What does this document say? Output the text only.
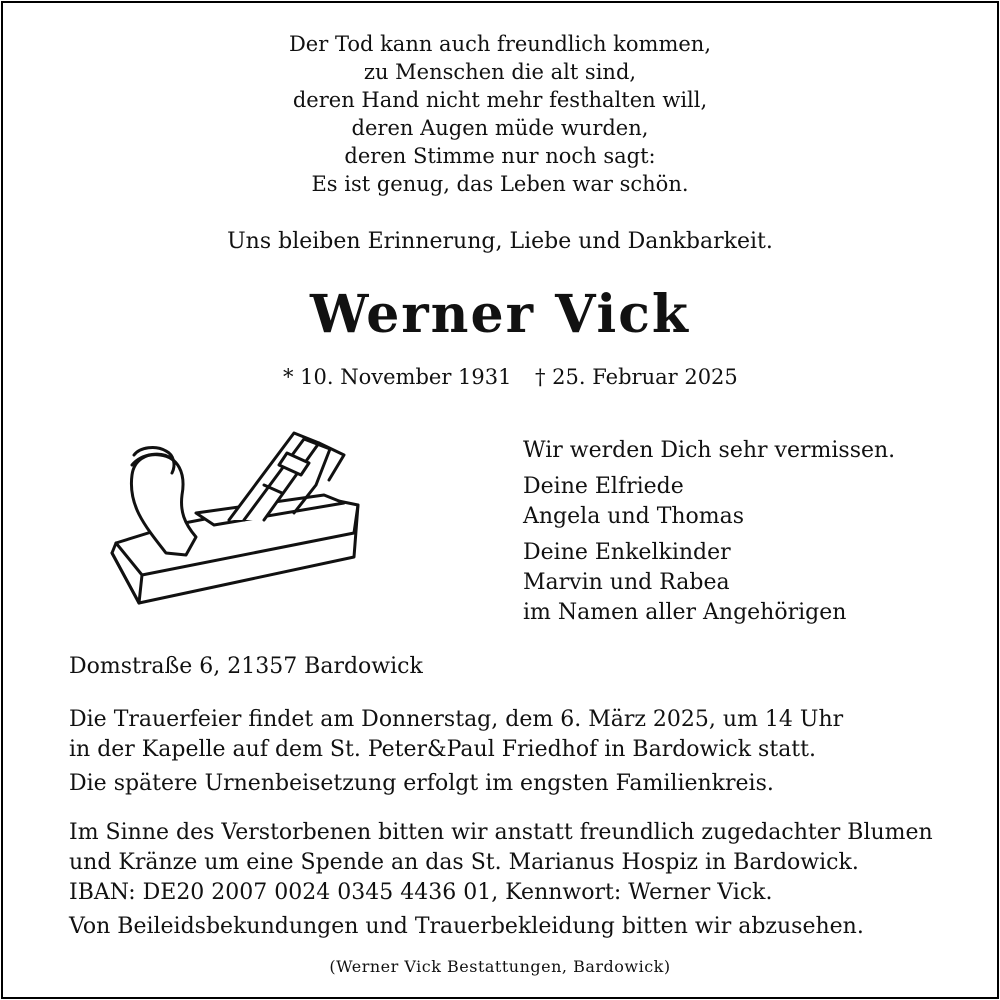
Der Tod kann auch freundlich kommen,
zu Menschen die alt sind,
deren Hand nicht mehr festhalten will,
deren Augen müde wurden,
deren Stimme nur noch sagt:
Es ist genug, das Leben war schön.
Uns bleiben Erinnerung, Liebe und Dankbarkeit.
Werner Vick
* 10. November 1931 † 25. Februar 2025
Wir werden Dich sehr vermissen.
Deine Elfriede
Angela und Thomas
Deine Enkelkinder
Marvin und Rabea
im Namen aller Angehörigen
Domstraße 6, 21357 Bardowick
Die Trauerfeier findet am Donnerstag, dem 6. März 2025, um 14 Uhr
in der Kapelle auf dem St. Peter&Paul Friedhof in Bardowick statt.
Die spätere Urnenbeisetzung erfolgt im engsten Familienkreis.
Im Sinne des Verstorbenen bitten wir anstatt freundlich zugedachter Blumen
und Kränze um eine Spende an das St. Marianus Hospiz in Bardowick.
IBAN: DE20 2007 0024 0345 4436 01, Kennwort: Werner Vick.
Von Beileidsbekundungen und Trauerbekleidung bitten wir abzusehen.
(Werner Vick Bestattungen, Bardowick)
